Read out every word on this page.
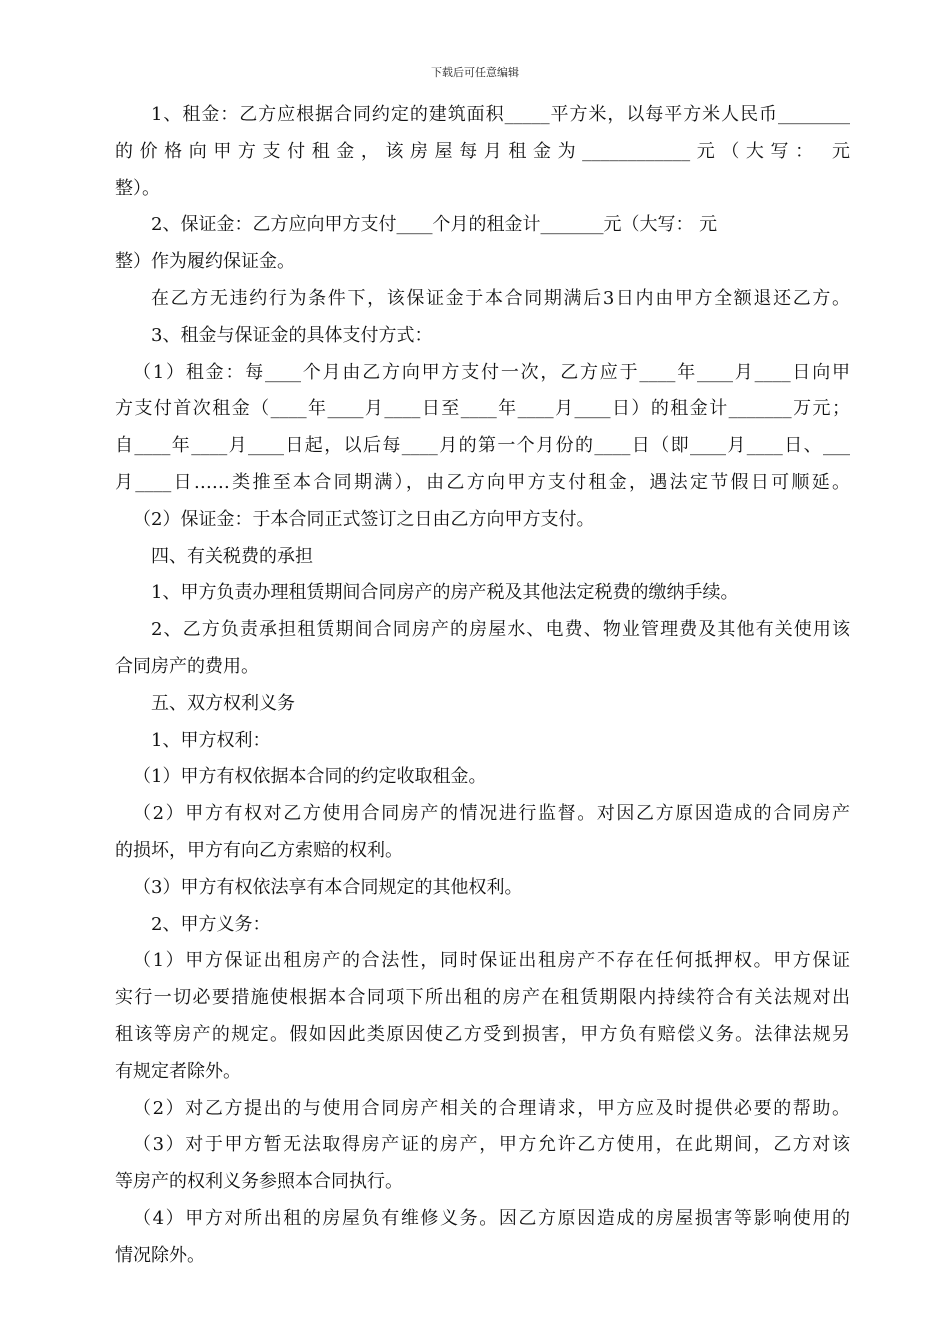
下载后可任意编辑
1、租金：乙方应根据合同约定的建筑面积_____平方米，以每平方米人民币________
的价格向甲方支付租金，该房屋每月租金为____________元（大写： 元
整）。
2、保证金：乙方应向甲方支付____个月的租金计_______元（大写： 元
整）作为履约保证金。
在乙方无违约行为条件下，该保证金于本合同期满后3日内由甲方全额退还乙方。
3、租金与保证金的具体支付方式：
（1）租金：每____个月由乙方向甲方支付一次，乙方应于____年____月____日向甲
方支付首次租金（____年____月____日至____年____月____日）的租金计_______万元；
自____年____月____日起，以后每____月的第一个月份的____日（即____月____日、___
月____日……类推至本合同期满），由乙方向甲方支付租金，遇法定节假日可顺延。
（2）保证金：于本合同正式签订之日由乙方向甲方支付。
四、有关税费的承担
1、甲方负责办理租赁期间合同房产的房产税及其他法定税费的缴纳手续。
2、乙方负责承担租赁期间合同房产的房屋水、电费、物业管理费及其他有关使用该
合同房产的费用。
五、双方权利义务
1、甲方权利：
（1）甲方有权依据本合同的约定收取租金。
（2）甲方有权对乙方使用合同房产的情况进行监督。对因乙方原因造成的合同房产
的损坏，甲方有向乙方索赔的权利。
（3）甲方有权依法享有本合同规定的其他权利。
2、甲方义务：
（1）甲方保证出租房产的合法性，同时保证出租房产不存在任何抵押权。甲方保证
实行一切必要措施使根据本合同项下所出租的房产在租赁期限内持续符合有关法规对出
租该等房产的规定。假如因此类原因使乙方受到损害，甲方负有赔偿义务。法律法规另
有规定者除外。
（2）对乙方提出的与使用合同房产相关的合理请求，甲方应及时提供必要的帮助。
（3）对于甲方暂无法取得房产证的房产，甲方允许乙方使用，在此期间，乙方对该
等房产的权利义务参照本合同执行。
（4）甲方对所出租的房屋负有维修义务。因乙方原因造成的房屋损害等影响使用的
情况除外。
